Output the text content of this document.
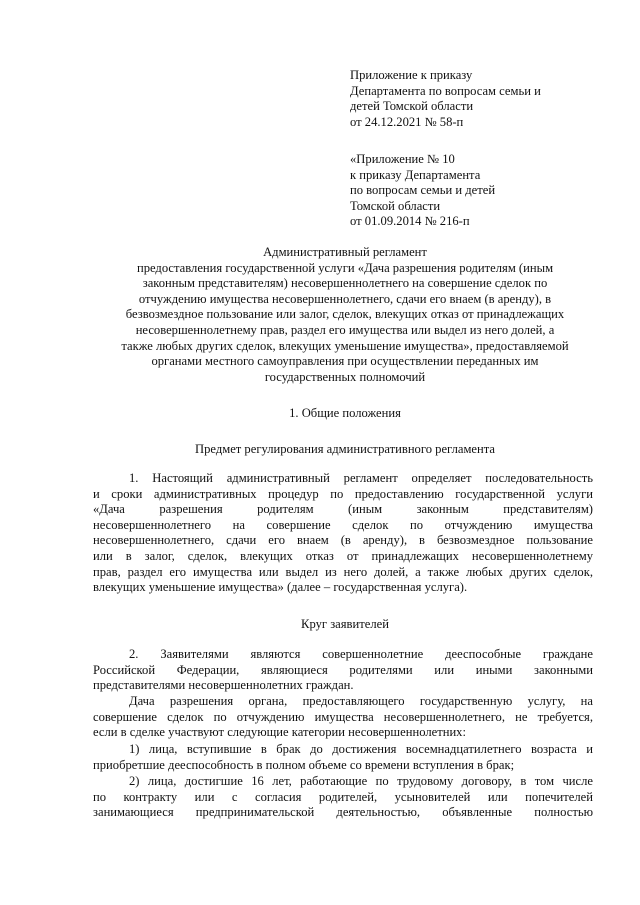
Приложение к приказу
Департамента по вопросам семьи и
детей Томской области
от 24.12.2021 № 58-п
«Приложение № 10
к приказу Департамента
по вопросам семьи и детей
Томской области
от 01.09.2014 № 216-п
Административный регламент
предоставления государственной услуги «Дача разрешения родителям (иным
законным представителям) несовершеннолетнего на совершение сделок по
отчуждению имущества несовершеннолетнего, сдачи его внаем (в аренду), в
безвозмездное пользование или залог, сделок, влекущих отказ от принадлежащих
несовершеннолетнему прав, раздел его имущества или выдел из него долей, а
также любых других сделок, влекущих уменьшение имущества», предоставляемой
органами местного самоуправления при осуществлении переданных им
государственных полномочий
1. Общие положения
Предмет регулирования административного регламента
1. Настоящий административный регламент определяет последовательность
и сроки административных процедур по предоставлению государственной услуги
«Дача разрешения родителям (иным законным представителям)
несовершеннолетнего на совершение сделок по отчуждению имущества
несовершеннолетнего, сдачи его внаем (в аренду), в безвозмездное пользование
или в залог, сделок, влекущих отказ от принадлежащих несовершеннолетнему
прав, раздел его имущества или выдел из него долей, а также любых других сделок,
влекущих уменьшение имущества» (далее – государственная услуга).
Круг заявителей
2. Заявителями являются совершеннолетние дееспособные граждане
Российской Федерации, являющиеся родителями или иными законными
представителями несовершеннолетних граждан.
Дача разрешения органа, предоставляющего государственную услугу, на
совершение сделок по отчуждению имущества несовершеннолетнего, не требуется,
если в сделке участвуют следующие категории несовершеннолетних:
1) лица, вступившие в брак до достижения восемнадцатилетнего возраста и
приобретшие дееспособность в полном объеме со времени вступления в брак;
2) лица, достигшие 16 лет, работающие по трудовому договору, в том числе
по контракту или с согласия родителей, усыновителей или попечителей
занимающиеся предпринимательской деятельностью, объявленные полностью
